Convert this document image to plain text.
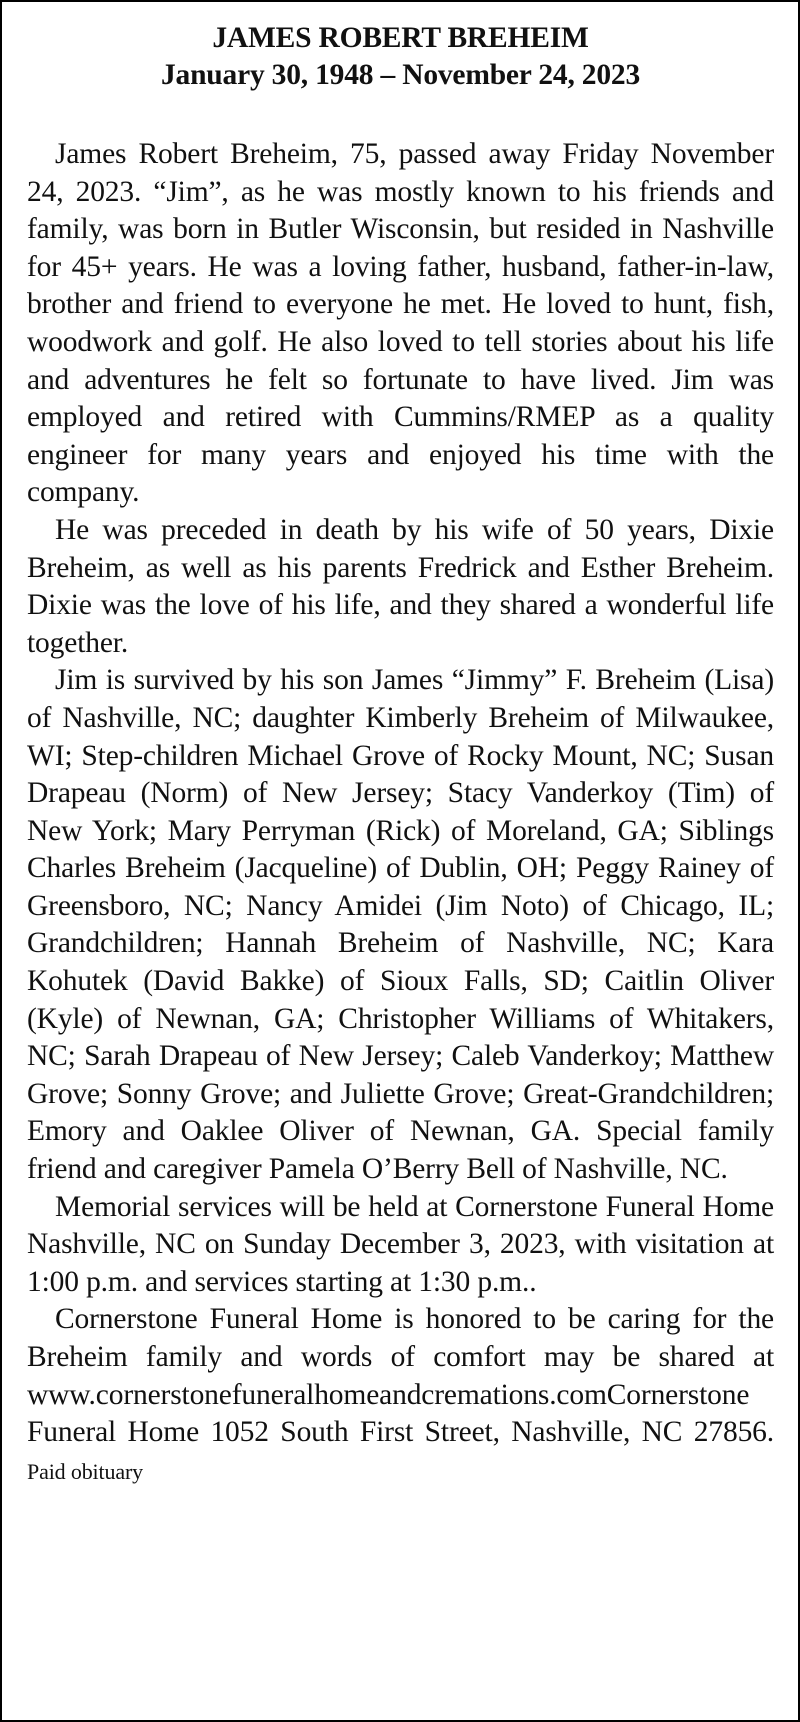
JAMES ROBERT BREHEIM

January 30, 1948 – November 24, 2023

James Robert Breheim, 75, passed away Friday November 24, 2023. “Jim”, as he was mostly known to his friends and family, was born in Butler Wisconsin, but resided in Nashville for 45+ years. He was a loving father, husband, father-in-law, brother and friend to everyone he met. He loved to hunt, fish, woodwork and golf. He also loved to tell stories about his life and adventures he felt so fortunate to have lived. Jim was employed and retired with Cummins/RMEP as a quality engineer for many years and enjoyed his time with the company.

He was preceded in death by his wife of 50 years, Dixie Breheim, as well as his parents Fredrick and Esther Breheim. Dixie was the love of his life, and they shared a wonderful life together.

Jim is survived by his son James “Jimmy” F. Breheim (Lisa) of Nashville, NC; daughter Kimberly Breheim of Milwaukee, WI; Step-children Michael Grove of Rocky Mount, NC; Susan Drapeau (Norm) of New Jersey; Stacy Vanderkoy (Tim) of New York; Mary Perryman (Rick) of Moreland, GA; Siblings Charles Breheim (Jacqueline) of Dublin, OH; Peggy Rainey of Greensboro, NC; Nancy Amidei (Jim Noto) of Chicago, IL; Grandchildren; Hannah Breheim of Nashville, NC; Kara Kohutek (David Bakke) of Sioux Falls, SD; Caitlin Oliver (Kyle) of Newnan, GA; Christopher Williams of Whitakers, NC; Sarah Drapeau of New Jersey; Caleb Vanderkoy; Matthew Grove; Sonny Grove; and Juliette Grove; Great-Grandchildren; Emory and Oaklee Oliver of Newnan, GA. Special family friend and caregiver Pamela O’Berry Bell of Nashville, NC.

Memorial services will be held at Cornerstone Funeral Home Nashville, NC on Sunday December 3, 2023, with visitation at 1:00 p.m. and services starting at 1:30 p.m..

Cornerstone Funeral Home is honored to be caring for the Breheim family and words of comfort may be shared at www.cornerstonefuneralhomeandcremations.comCornerstone Funeral Home 1052 South First Street, Nashville, NC 27856. Paid obituary
